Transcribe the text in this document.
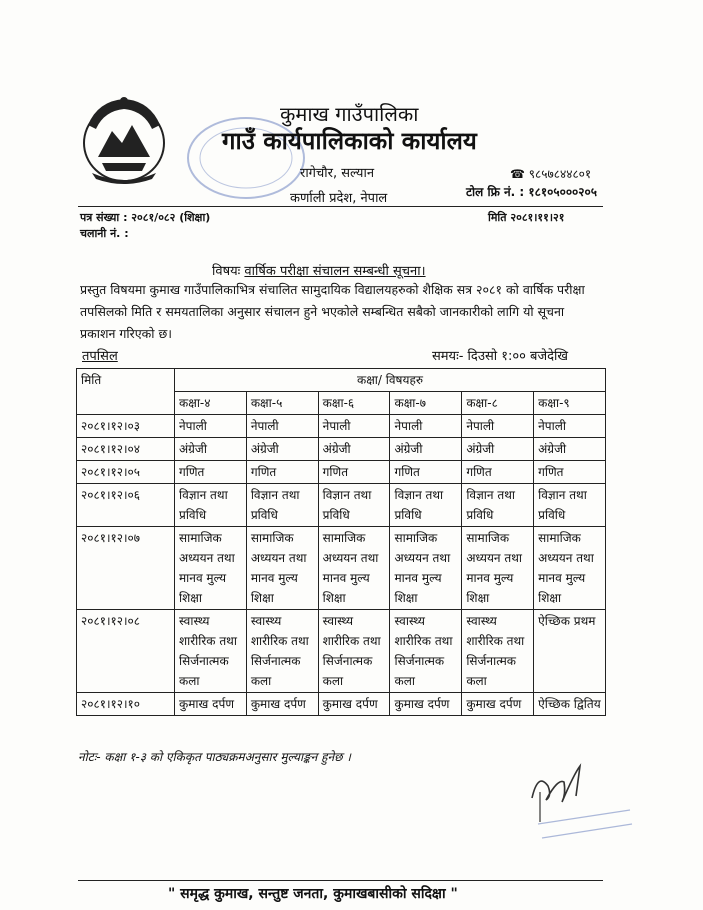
कुमाख गाउँपालिका
गाउँ कार्यपालिकाको कार्यालय
रागेचौर, सल्यान
कर्णाली प्रदेश, नेपाल
☎ ९८५७८४४८०१
टोल फ्रि नं. : १८१०५०००२०५
पत्र संख्या : २०८१/०८२ (शिक्षा)
चलानी नं. :
मिति २०८१।११।२१
विषयः वार्षिक परीक्षा संचालन सम्बन्धी सूचना।
प्रस्तुत विषयमा कुमाख गाउँपालिकाभित्र संचालित सामुदायिक विद्यालयहरुको शैक्षिक सत्र २०८१ को वार्षिक परीक्षा तपसिलको मिति र समयतालिका अनुसार संचालन हुने भएकोले सम्बन्धित सबैको जानकारीको लागि यो सूचना प्रकाशन गरिएको छ।
तपसिल	समयः- दिउसो १:०० बजेदेखि
मिति	कक्षा/ विषयहरु					
	कक्षा-४	कक्षा-५	कक्षा-६	कक्षा-७	कक्षा-८	कक्षा-९
२०८१।१२।०३	नेपाली	नेपाली	नेपाली	नेपाली	नेपाली	नेपाली
२०८१।१२।०४	अंग्रेजी	अंग्रेजी	अंग्रेजी	अंग्रेजी	अंग्रेजी	अंग्रेजी
२०८१।१२।०५	गणित	गणित	गणित	गणित	गणित	गणित
२०८१।१२।०६	विज्ञान तथा प्रविधि	विज्ञान तथा प्रविधि	विज्ञान तथा प्रविधि	विज्ञान तथा प्रविधि	विज्ञान तथा प्रविधि	विज्ञान तथा प्रविधि
२०८१।१२।०७	सामाजिक अध्ययन तथा मानव मुल्य शिक्षा	सामाजिक अध्ययन तथा मानव मुल्य शिक्षा	सामाजिक अध्ययन तथा मानव मुल्य शिक्षा	सामाजिक अध्ययन तथा मानव मुल्य शिक्षा	सामाजिक अध्ययन तथा मानव मुल्य शिक्षा	सामाजिक अध्ययन तथा मानव मुल्य शिक्षा
२०८१।१२।०८	स्वास्थ्य शारीरिक तथा सिर्जनात्मक कला	स्वास्थ्य शारीरिक तथा सिर्जनात्मक कला	स्वास्थ्य शारीरिक तथा सिर्जनात्मक कला	स्वास्थ्य शारीरिक तथा सिर्जनात्मक कला	स्वास्थ्य शारीरिक तथा सिर्जनात्मक कला	ऐच्छिक प्रथम
२०८१।१२।१०	कुमाख दर्पण	कुमाख दर्पण	कुमाख दर्पण	कुमाख दर्पण	कुमाख दर्पण	ऐच्छिक द्वितिय
नोटः- कक्षा १-३ को एकिकृत पाठ्यक्रमअनुसार मुल्याङ्कन हुनेछ ।
" समृद्ध कुमाख, सन्तुष्ट जनता, कुमाखबासीको सदिक्षा "
